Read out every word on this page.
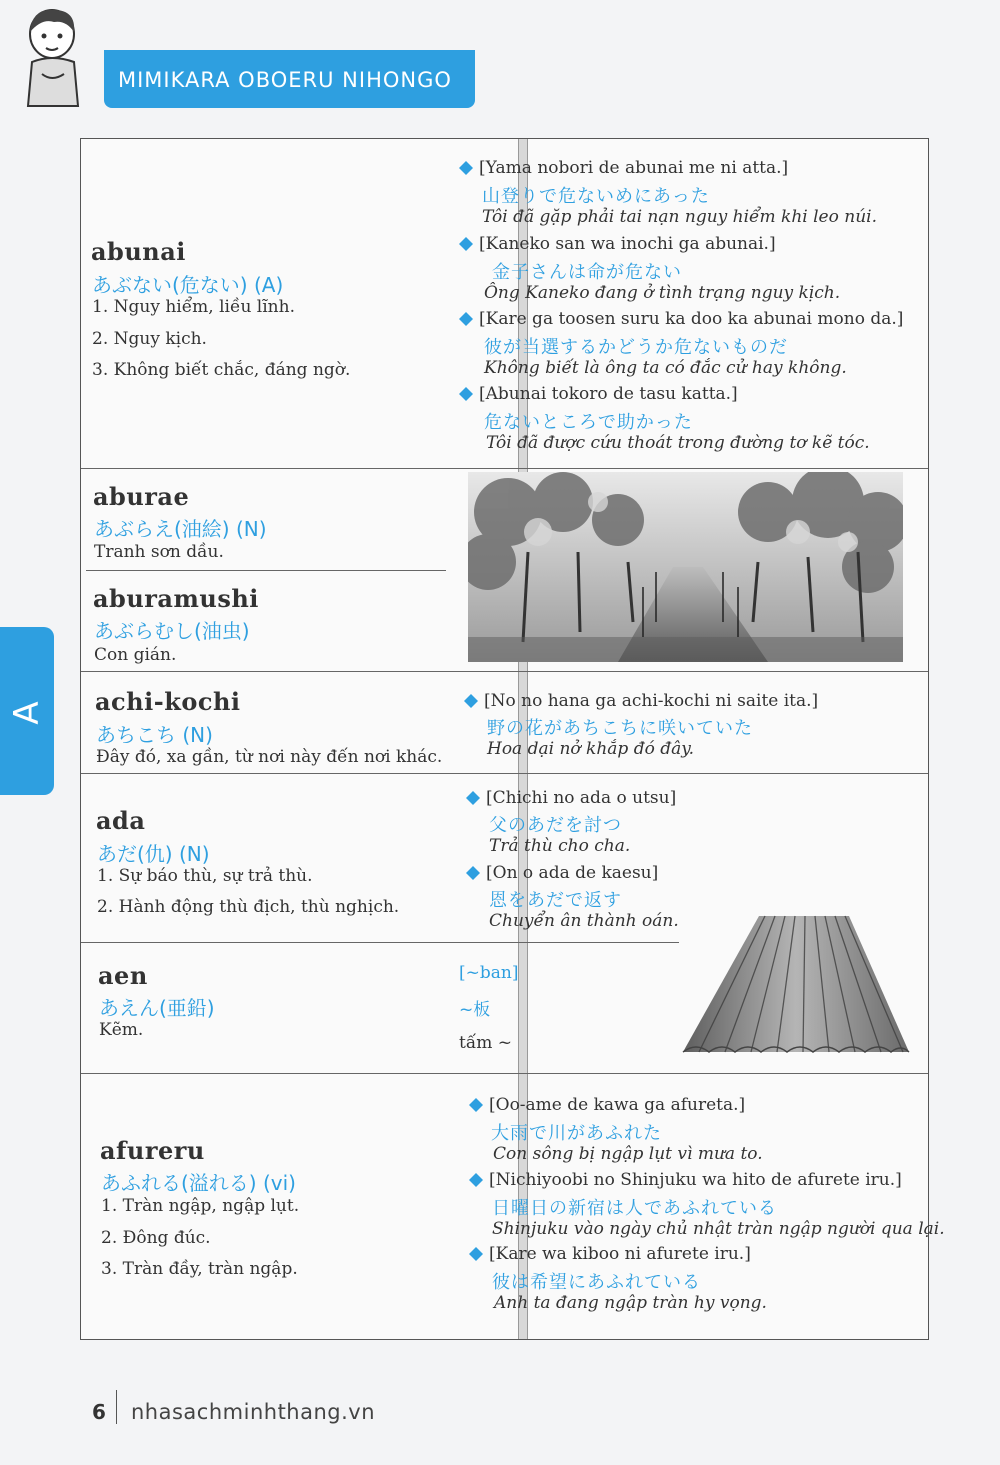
MIMIKARA OBOERU NIHONGO
A
abunai
あぶない(危ない) (A)
1. Nguy hiểm, liều lĩnh.
2. Nguy kịch.
3. Không biết chắc, đáng ngờ.
[Yama nobori de abunai me ni atta.]
山登りで危ないめにあった
Tôi đã gặp phải tai nạn nguy hiểm khi leo núi.
[Kaneko san wa inochi ga abunai.]
金子さんは命が危ない
Ông Kaneko đang ở tình trạng nguy kịch.
[Kare ga toosen suru ka doo ka abunai mono da.]
彼が当選するかどうか危ないものだ
Không biết là ông ta có đắc cử hay không.
[Abunai tokoro de tasu katta.]
危ないところで助かった
Tôi đã được cứu thoát trong đường tơ kẽ tóc.
aburae
あぶらえ(油絵) (N)
Tranh sơn dầu.
aburamushi
あぶらむし(油虫)
Con gián.
achi-kochi
あちこち (N)
Đây đó, xa gần, từ nơi này đến nơi khác.
[No no hana ga achi-kochi ni saite ita.]
野の花があちこちに咲いていた
Hoa dại nở khắp đó đây.
ada
あだ(仇) (N)
1. Sự báo thù, sự trả thù.
2. Hành động thù địch, thù nghịch.
[Chichi no ada o utsu]
父のあだを討つ
Trả thù cho cha.
[On o ada de kaesu]
恩をあだで返す
Chuyển ân thành oán.
aen
あえん(亜鉛)
Kẽm.
[~ban]
~板
tấm ~
afureru
あふれる(溢れる) (vi)
1. Tràn ngập, ngập lụt.
2. Đông đúc.
3. Tràn đầy, tràn ngập.
[Oo-ame de kawa ga afureta.]
大雨で川があふれた
Con sông bị ngập lụt vì mưa to.
[Nichiyoobi no Shinjuku wa hito de afurete iru.]
日曜日の新宿は人であふれている
Shinjuku vào ngày chủ nhật tràn ngập người qua lại.
[Kare wa kiboo ni afurete iru.]
彼は希望にあふれている
Anh ta đang ngập tràn hy vọng.
6 nhasachminhthang.vn
